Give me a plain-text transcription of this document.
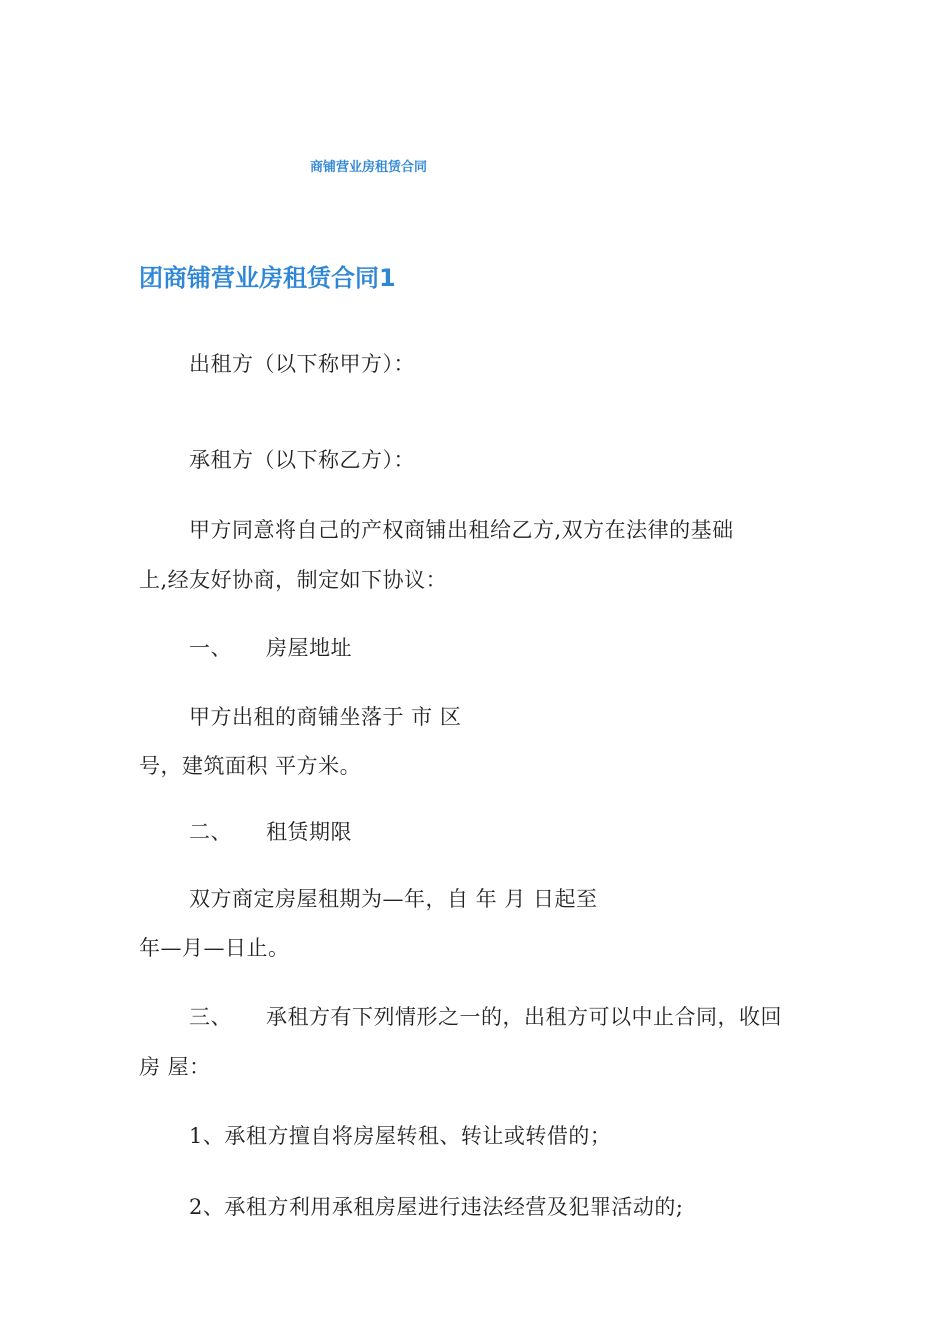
商铺营业房租赁合同
团商铺营业房租赁合同1
出租方（以下称甲方）：
承租方（以下称乙方）：
甲方同意将自己的产权商铺出租给乙方,双方在法律的基础
上,经友好协商，制定如下协议：
一、 房屋地址
甲方出租的商铺坐落于 市 区
号，建筑面积 平方米。
二、 租赁期限
双方商定房屋租期为—年，自 年 月 日起至
年—月—日止。
三、 承租方有下列情形之一的，出租方可以中止合同，收回
房 屋：
1、承租方擅自将房屋转租、转让或转借的；
2、承租方利用承租房屋进行违法经营及犯罪活动的;
